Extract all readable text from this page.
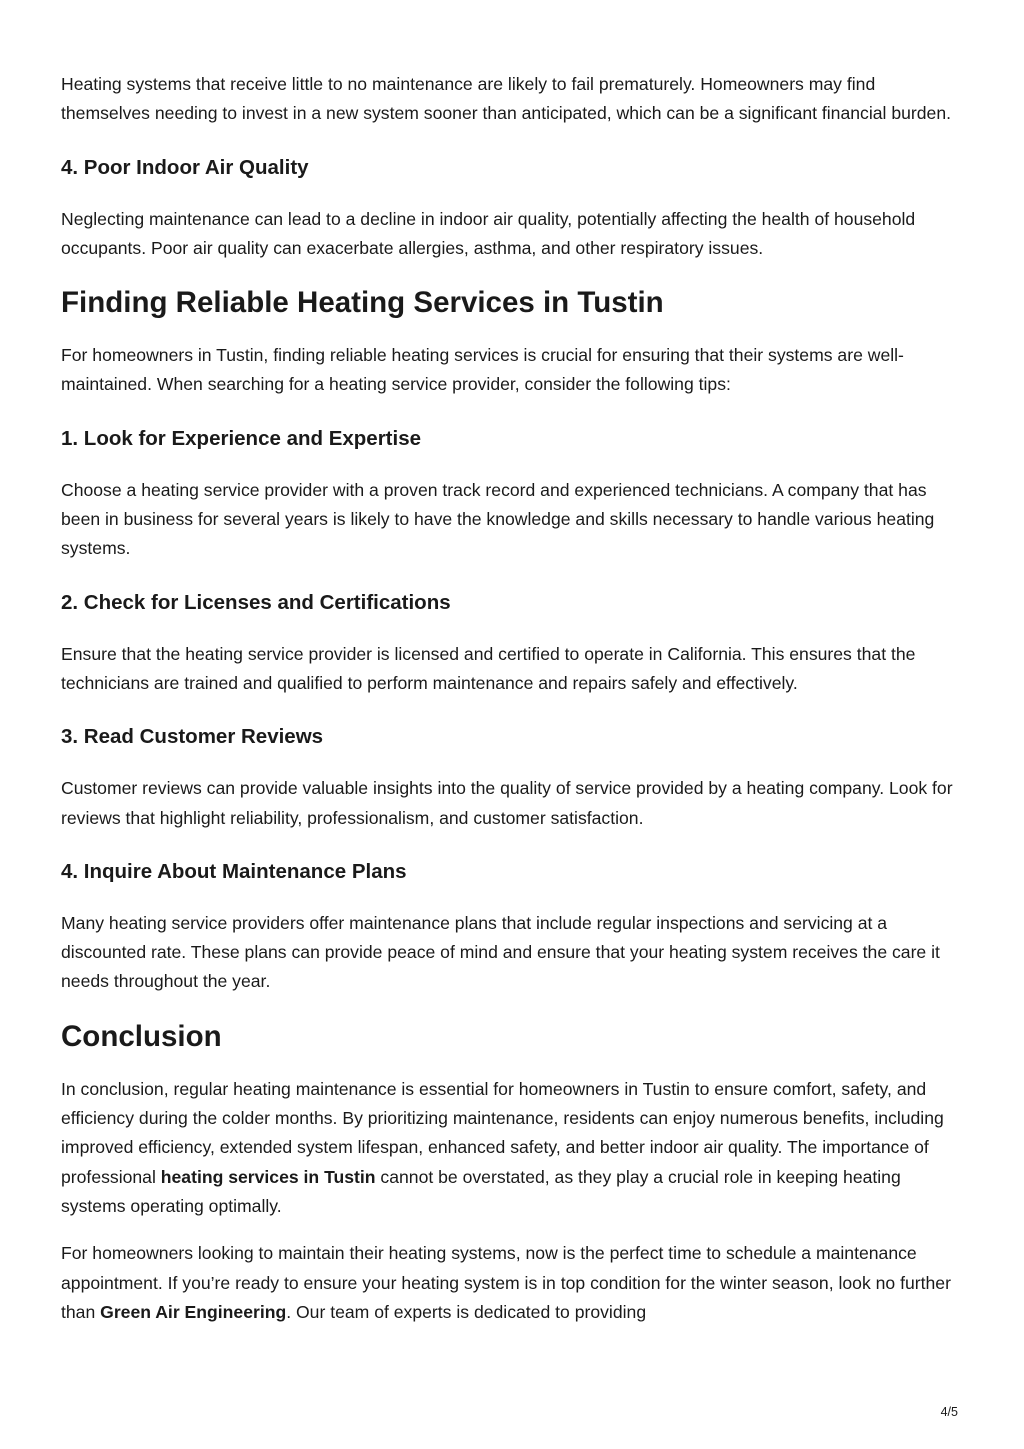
Heating systems that receive little to no maintenance are likely to fail prematurely. Homeowners may find themselves needing to invest in a new system sooner than anticipated, which can be a significant financial burden.

4. Poor Indoor Air Quality

Neglecting maintenance can lead to a decline in indoor air quality, potentially affecting the health of household occupants. Poor air quality can exacerbate allergies, asthma, and other respiratory issues.

Finding Reliable Heating Services in Tustin

For homeowners in Tustin, finding reliable heating services is crucial for ensuring that their systems are well-maintained. When searching for a heating service provider, consider the following tips:

1. Look for Experience and Expertise

Choose a heating service provider with a proven track record and experienced technicians. A company that has been in business for several years is likely to have the knowledge and skills necessary to handle various heating systems.

2. Check for Licenses and Certifications

Ensure that the heating service provider is licensed and certified to operate in California. This ensures that the technicians are trained and qualified to perform maintenance and repairs safely and effectively.

3. Read Customer Reviews

Customer reviews can provide valuable insights into the quality of service provided by a heating company. Look for reviews that highlight reliability, professionalism, and customer satisfaction.

4. Inquire About Maintenance Plans

Many heating service providers offer maintenance plans that include regular inspections and servicing at a discounted rate. These plans can provide peace of mind and ensure that your heating system receives the care it needs throughout the year.

Conclusion

In conclusion, regular heating maintenance is essential for homeowners in Tustin to ensure comfort, safety, and efficiency during the colder months. By prioritizing maintenance, residents can enjoy numerous benefits, including improved efficiency, extended system lifespan, enhanced safety, and better indoor air quality. The importance of professional heating services in Tustin cannot be overstated, as they play a crucial role in keeping heating systems operating optimally.

For homeowners looking to maintain their heating systems, now is the perfect time to schedule a maintenance appointment. If you’re ready to ensure your heating system is in top condition for the winter season, look no further than Green Air Engineering. Our team of experts is dedicated to providing

4/5
